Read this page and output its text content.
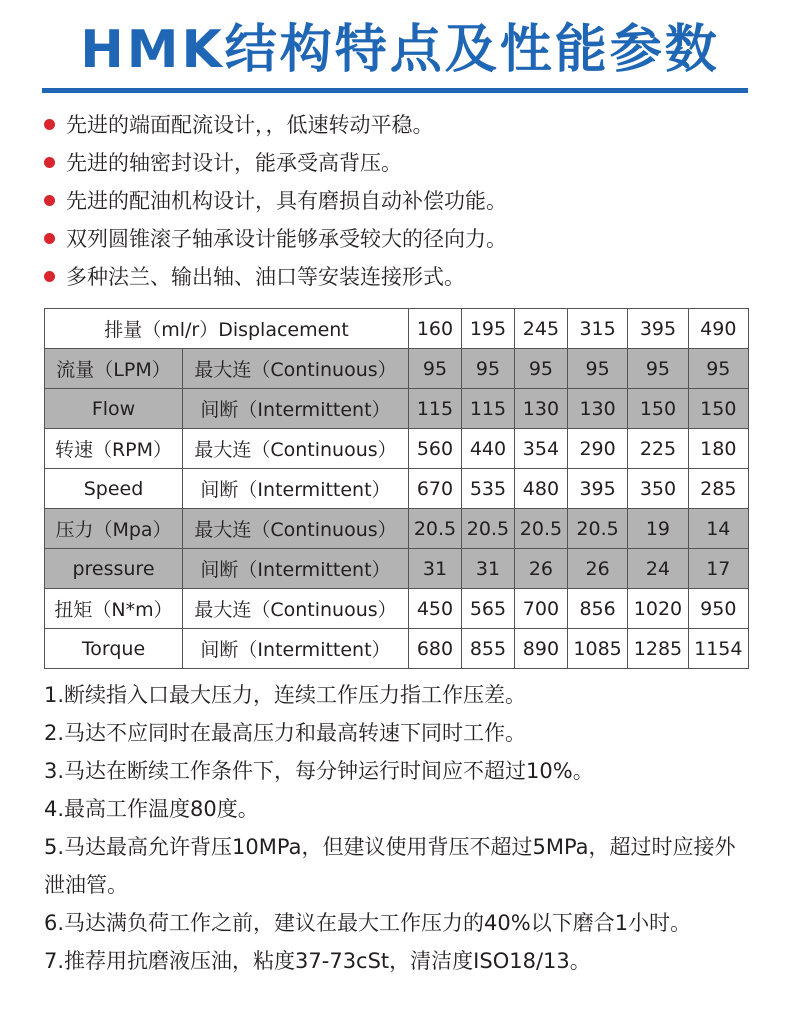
HMK结构特点及性能参数
先进的端面配流设计，，低速转动平稳。
先进的轴密封设计，能承受高背压。
先进的配油机构设计，具有磨损自动补偿功能。
双列圆锥滚子轴承设计能够承受较大的径向力。
多种法兰、输出轴、油口等安装连接形式。
排量（ml/r）Displacement		160	195	245	315	395	490
流量（LPM）	最大连（Continuous）	95	95	95	95	95	95
Flow	间断（Intermittent）	115	115	130	130	150	150
转速（RPM）	最大连（Continuous）	560	440	354	290	225	180
Speed	间断（Intermittent）	670	535	480	395	350	285
压力（Mpa）	最大连（Continuous）	20.5	20.5	20.5	20.5	19	14
pressure	间断（Intermittent）	31	31	26	26	24	17
扭矩（N*m）	最大连（Continuous）	450	565	700	856	1020	950
Torque	间断（Intermittent）	680	855	890	1085	1285	1154

1.断续指入口最大压力，连续工作压力指工作压差。

2.马达不应同时在最高压力和最高转速下同时工作。

3.马达在断续工作条件下，每分钟运行时间应不超过10%。

4.最高工作温度80度。

5.马达最高允许背压10MPa，但建议使用背压不超过5MPa，超过时应接外泄油管。

6.马达满负荷工作之前，建议在最大工作压力的40%以下磨合1小时。

7.推荐用抗磨液压油，粘度37-73cSt，清洁度ISO18/13。
